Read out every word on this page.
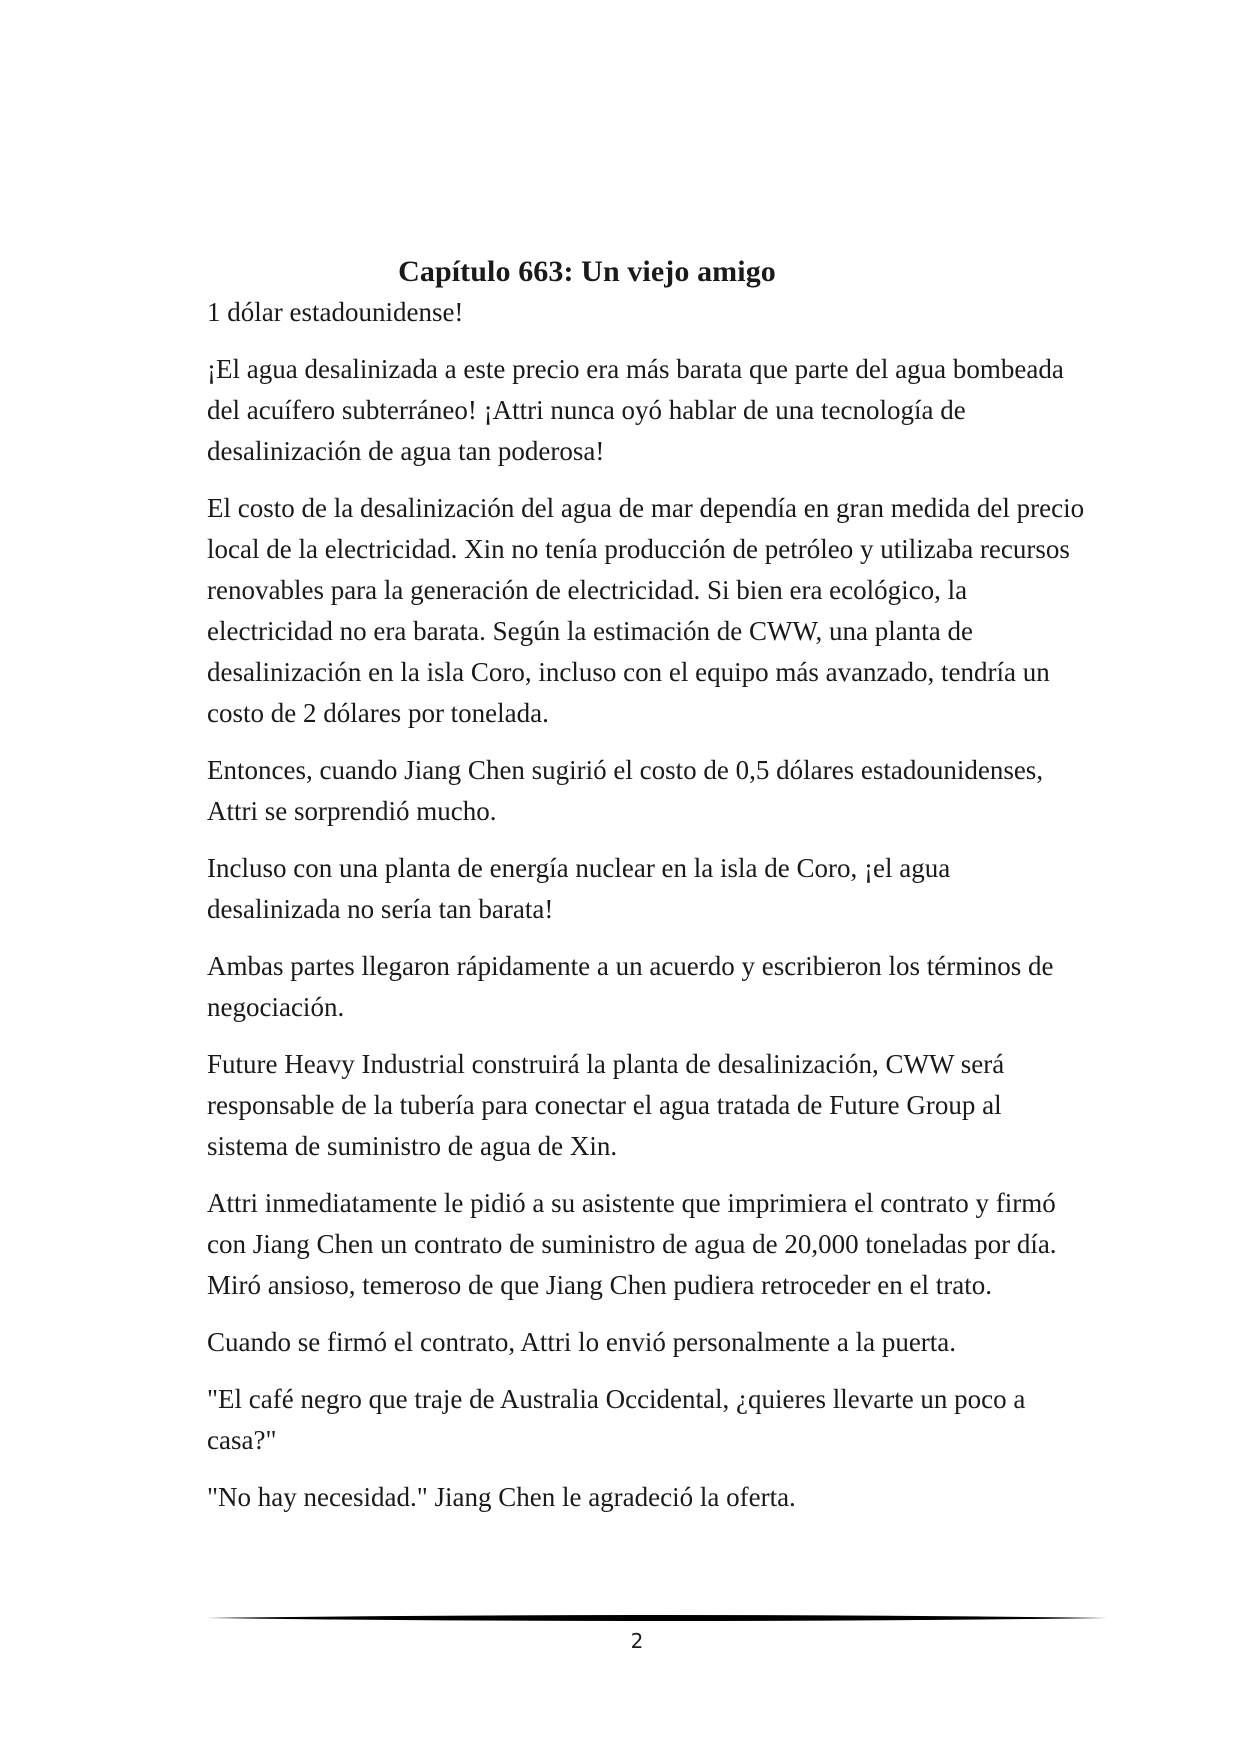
Capítulo 663: Un viejo amigo

1 dólar estadounidense!

¡El agua desalinizada a este precio era más barata que parte del agua bombeada del acuífero subterráneo! ¡Attri nunca oyó hablar de una tecnología de desalinización de agua tan poderosa!

El costo de la desalinización del agua de mar dependía en gran medida del precio local de la electricidad. Xin no tenía producción de petróleo y utilizaba recursos renovables para la generación de electricidad. Si bien era ecológico, la electricidad no era barata. Según la estimación de CWW, una planta de desalinización en la isla Coro, incluso con el equipo más avanzado, tendría un costo de 2 dólares por tonelada.

Entonces, cuando Jiang Chen sugirió el costo de 0,5 dólares estadounidenses, Attri se sorprendió mucho.

Incluso con una planta de energía nuclear en la isla de Coro, ¡el agua desalinizada no sería tan barata!

Ambas partes llegaron rápidamente a un acuerdo y escribieron los términos de negociación.

Future Heavy Industrial construirá la planta de desalinización, CWW será responsable de la tubería para conectar el agua tratada de Future Group al sistema de suministro de agua de Xin.

Attri inmediatamente le pidió a su asistente que imprimiera el contrato y firmó con Jiang Chen un contrato de suministro de agua de 20,000 toneladas por día. Miró ansioso, temeroso de que Jiang Chen pudiera retroceder en el trato.

Cuando se firmó el contrato, Attri lo envió personalmente a la puerta.

"El café negro que traje de Australia Occidental, ¿quieres llevarte un poco a casa?"

"No hay necesidad." Jiang Chen le agradeció la oferta.

2
